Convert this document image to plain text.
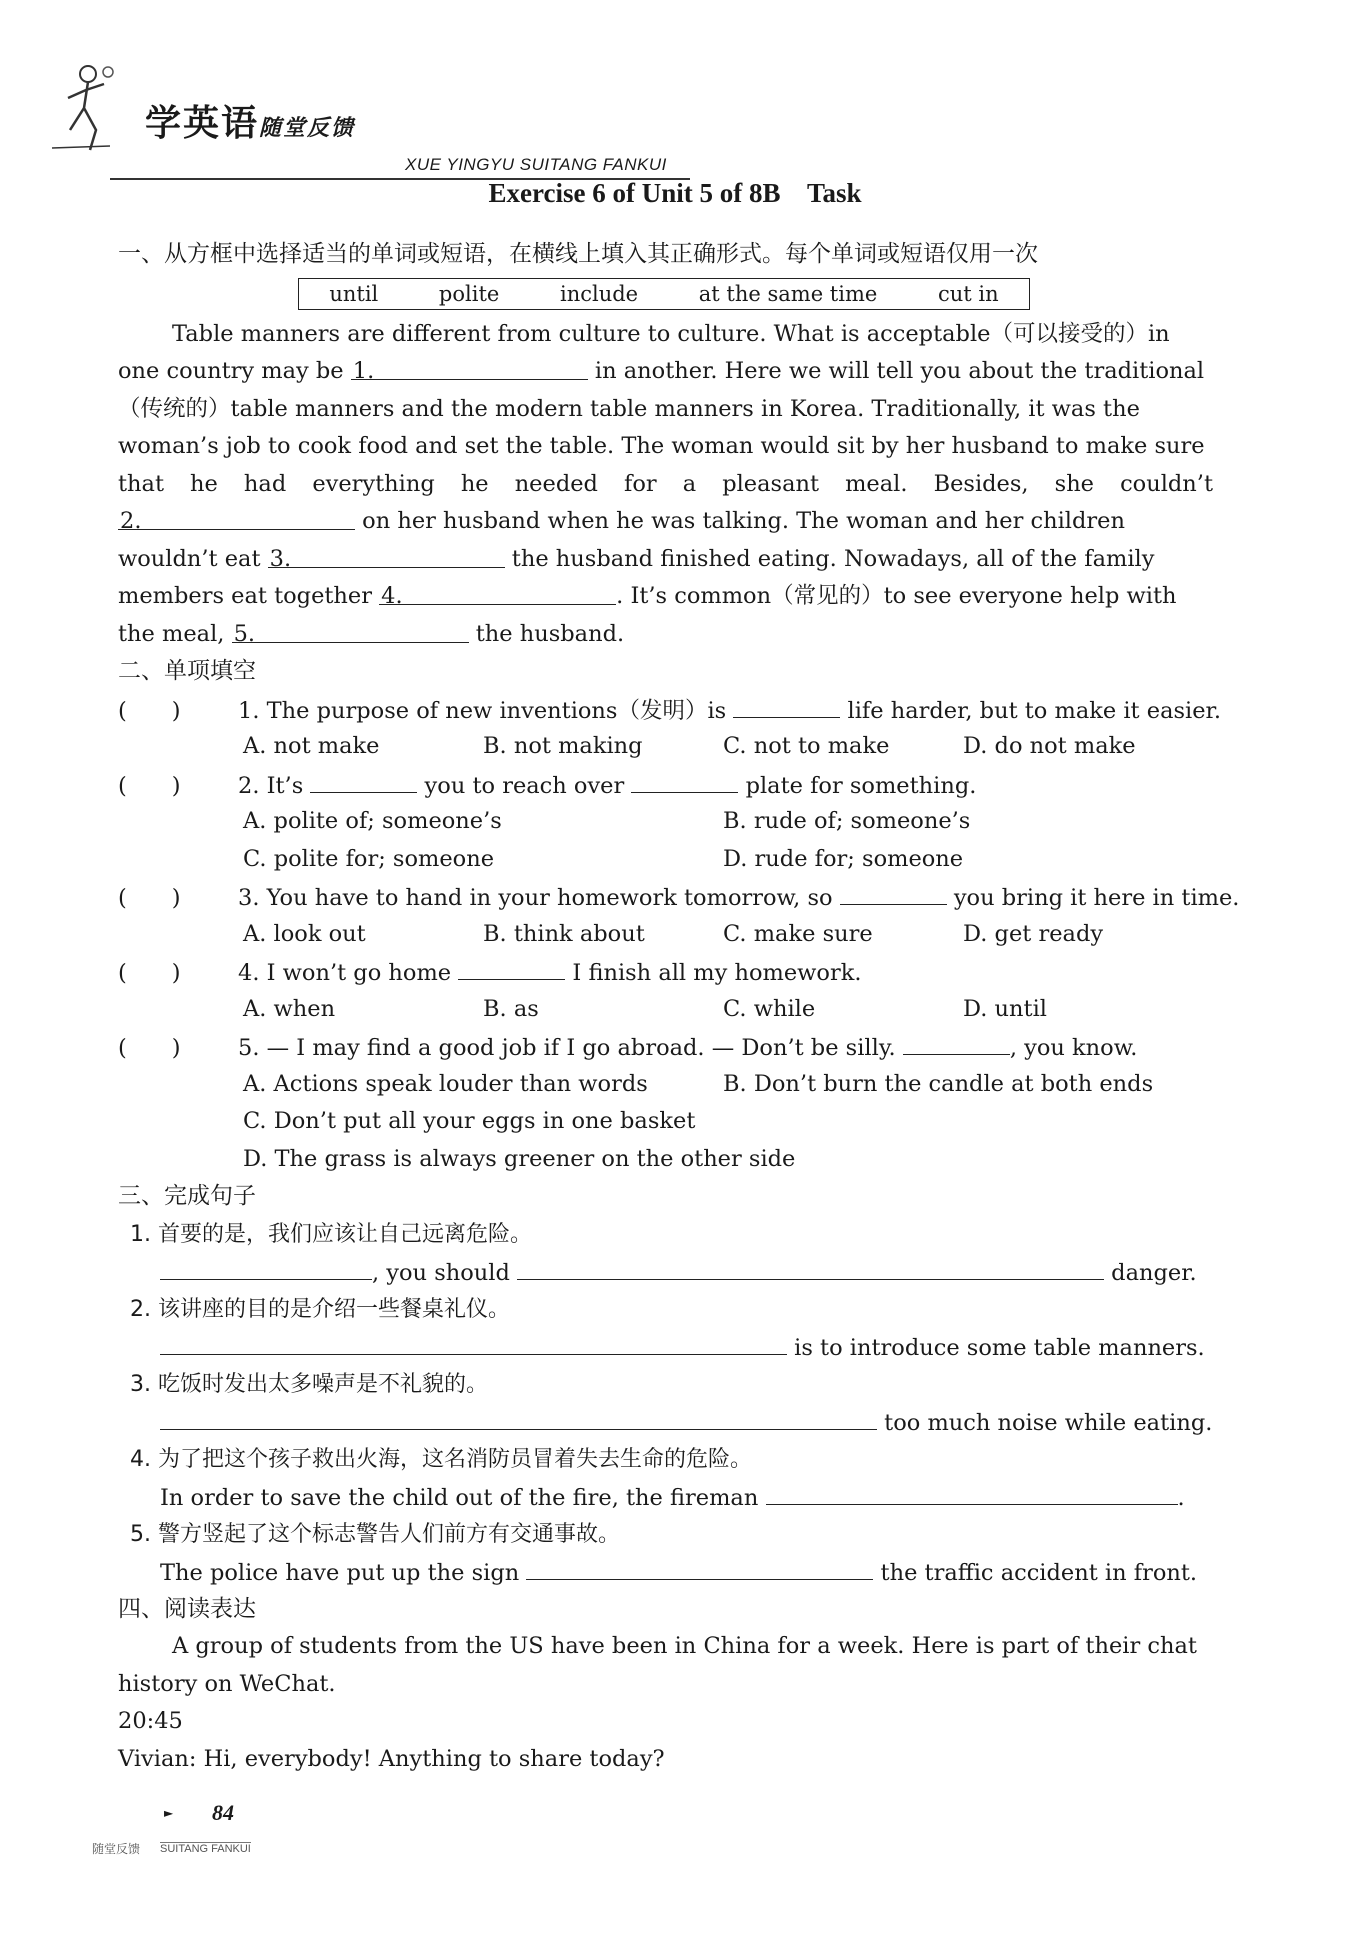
学英语随堂反馈
XUE YINGYU SUITANG FANKUI
Exercise 6 of Unit 5 of 8B    Task
一、从方框中选择适当的单词或短语，在横线上填入其正确形式。每个单词或短语仅用一次
until	polite	include	at the same time	cut in
Table manners are different from culture to culture. What is acceptable（可以接受的）in
one country may be 1.	in another. Here we will tell you about the traditional
（传统的）table manners and the modern table manners in Korea. Traditionally, it was the
woman’s job to cook food and set the table. The woman would sit by her husband to make sure
that he had everything he needed for a pleasant meal. Besides, she couldn’t
2.	on her husband when he was talking. The woman and her children
wouldn’t eat 3.	the husband finished eating. Nowadays, all of the family
members eat together 4.	. It’s common（常见的）to see everyone help with
the meal, 5.	the husband.
二、单项填空
(　　)	1. The purpose of new inventions（发明）is	life harder, but to make it easier.
A. not make	B. not making	C. not to make	D. do not make
(　　)	2. It’s	you to reach over	plate for something.
A. polite of; someone’s	B. rude of; someone’s
C. polite for; someone	D. rude for; someone
(　　)	3. You have to hand in your homework tomorrow, so	you bring it here in time.
A. look out	B. think about	C. make sure	D. get ready
(　　)	4. I won’t go home	I finish all my homework.
A. when	B. as	C. while	D. until
(　　)	5. — I may find a good job if I go abroad. — Don’t be silly.	, you know.
A. Actions speak louder than words	B. Don’t burn the candle at both ends
C. Don’t put all your eggs in one basket
D. The grass is always greener on the other side
三、完成句子
1. 首要的是，我们应该让自己远离危险。
, you should	danger.
2. 该讲座的目的是介绍一些餐桌礼仪。
is to introduce some table manners.
3. 吃饭时发出太多噪声是不礼貌的。
too much noise while eating.
4. 为了把这个孩子救出火海，这名消防员冒着失去生命的危险。
In order to save the child out of the fire, the fireman	.
5. 警方竖起了这个标志警告人们前方有交通事故。
The police have put up the sign	the traffic accident in front.
四、阅读表达
A group of students from the US have been in China for a week. Here is part of their chat
history on WeChat.
20:45
Vivian: Hi, everybody! Anything to share today?
► 84
随堂反馈 SUITANG FANKUI
